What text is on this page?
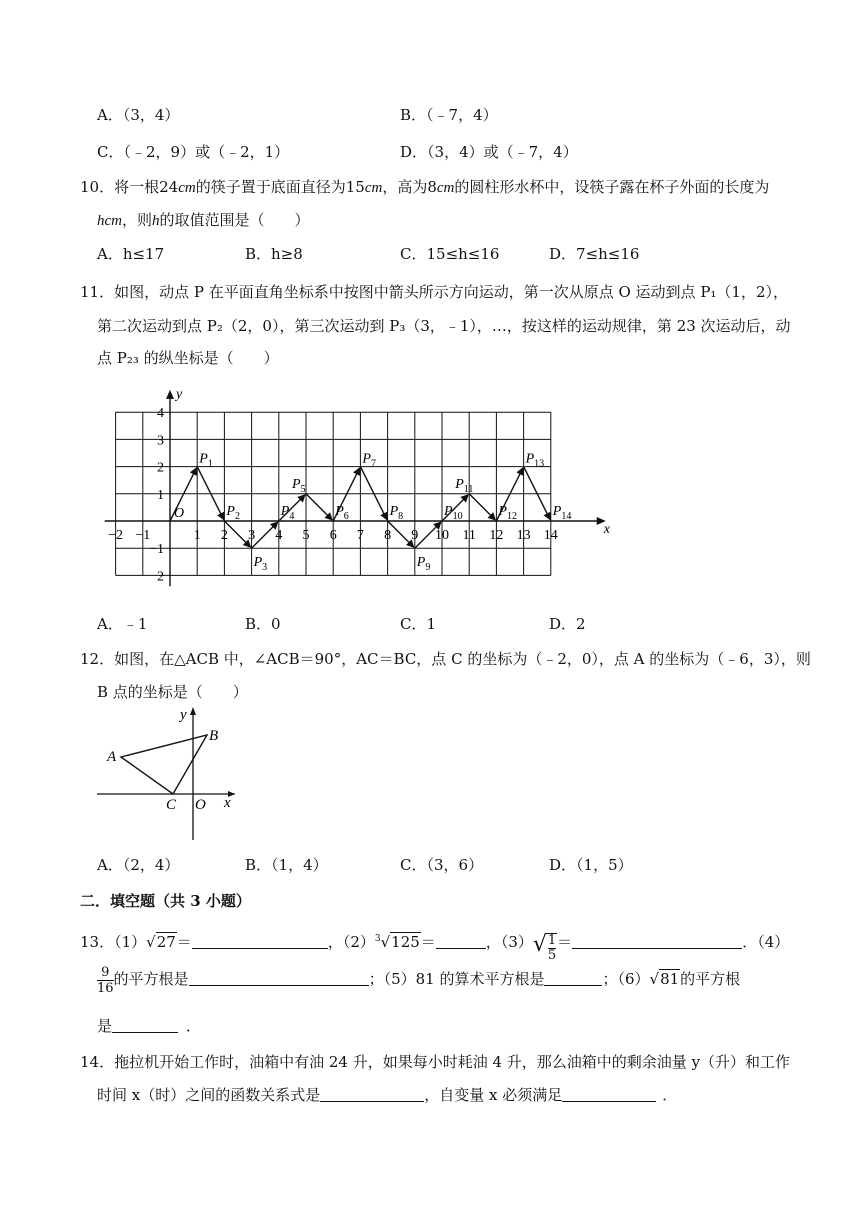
A．（3，4）	B．（﹣7，4）
C．（﹣2，9）或（﹣2，1）	D．（3，4）或（﹣7，4）
10．将一根24cm的筷子置于底面直径为15cm，高为8cm的圆柱形水杯中，设筷子露在杯子外面的长度为
hcm，则h的取值范围是（　　）
A．h≤17	B．h≥8	C．15≤h≤16	D．7≤h≤16
11．如图，动点 P 在平面直角坐标系中按图中箭头所示方向运动，第一次从原点 O 运动到点 P₁（1，2），
第二次运动到点 P₂（2，0），第三次运动到 P₃（3，﹣1），…，按这样的运动规律，第 23 次运动后，动
点 P₂₃ 的纵坐标是（　　）
−2 −1	1 2 3 4 5 6 7 8 9 10 11 12 13 14
4
3
2
1
−1
2
O
x
y
$P_1$
$P_2$
$P_3$
$P_4$
$P_5$
$P_6$
$P_7$
$P_8$
$P_9$
$P_{10}$
$P_{11}$
$P_{12}$
$P_{13}$
$P_{14}$
A．﹣1	B．0	C．1	D．2
12．如图，在△ACB 中，∠ACB＝90°，AC＝BC，点 C 的坐标为（﹣2，0），点 A 的坐标为（﹣6，3），则
B 点的坐标是（　　）
A
B
C O x
y
A．（2，4）	B．（1，4）	C．（3，6）	D．（1，5）
二．填空题（共 3 小题）
13．（1）√27＝	，$(2)^3√125=$	，$(3)√ \frac{1}{5}$ ＝	．（4）
$\frac{9}{16}$ 的平方根是	；（5）81 的算术平方根是	；（6）√81的平方根
是	．
14．拖拉机开始工作时，油箱中有油 24 升，如果每小时耗油 4 升，那么油箱中的剩余油量 y（升）和工作
时间 x（时）之间的函数关系式是	，自变量 x 必须满足	．
